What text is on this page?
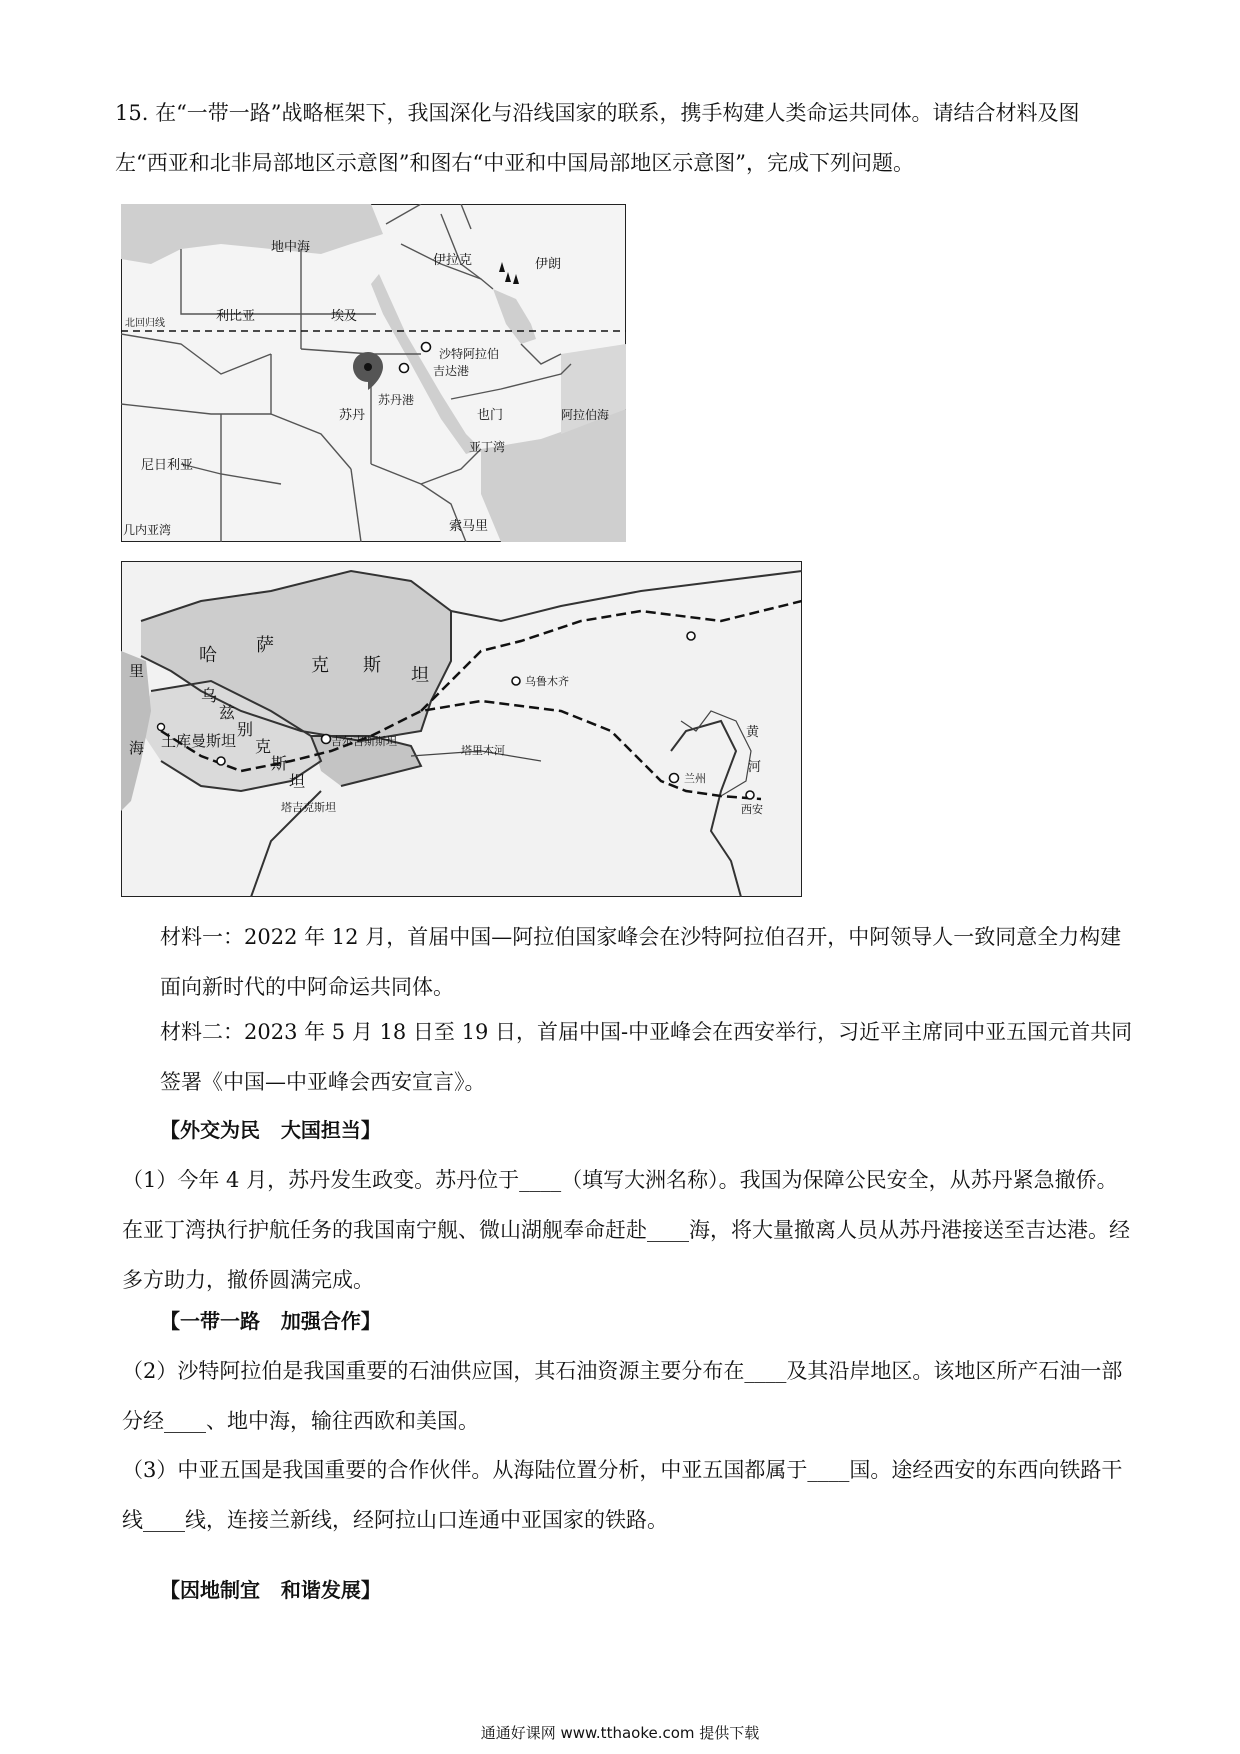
15. 在“一带一路”战略框架下，我国深化与沿线国家的联系，携手构建人类命运共同体。请结合材料及图左“西亚和北非局部地区示意图”和图右“中亚和中国局部地区示意图”，完成下列问题。
地中海
伊拉克	伊朗
利比亚	埃及
北回归线
沙特阿拉伯
吉达港
苏丹港
苏丹	也门	阿拉伯海
亚丁湾
尼日利亚
几内亚湾	索马里
哈 萨
克 斯 坦
里
海
乌
兹
别
克
斯
坦
土库曼斯坦	吉尔吉斯斯坦
塔吉克斯坦
塔里木河
乌鲁木齐
兰州
西安
黄
河
材料一：2022 年 12 月，首届中国—阿拉伯国家峰会在沙特阿拉伯召开，中阿领导人一致同意全力构建面向新时代的中阿命运共同体。
材料二：2023 年 5 月 18 日至 19 日，首届中国-中亚峰会在西安举行，习近平主席同中亚五国元首共同签署《中国—中亚峰会西安宣言》。
【外交为民   大国担当】
（1）今年 4 月，苏丹发生政变。苏丹位于____（填写大洲名称）。我国为保障公民安全，从苏丹紧急撤侨。在亚丁湾执行护航任务的我国南宁舰、微山湖舰奉命赶赴____海，将大量撤离人员从苏丹港接送至吉达港。经多方助力，撤侨圆满完成。
【一带一路   加强合作】
（2）沙特阿拉伯是我国重要的石油供应国，其石油资源主要分布在____及其沿岸地区。该地区所产石油一部分经____、地中海，输往西欧和美国。
（3）中亚五国是我国重要的合作伙伴。从海陆位置分析，中亚五国都属于____国。途经西安的东西向铁路干线____线，连接兰新线，经阿拉山口连通中亚国家的铁路。
【因地制宜   和谐发展】
通通好课网 www.tthaoke.com 提供下载
